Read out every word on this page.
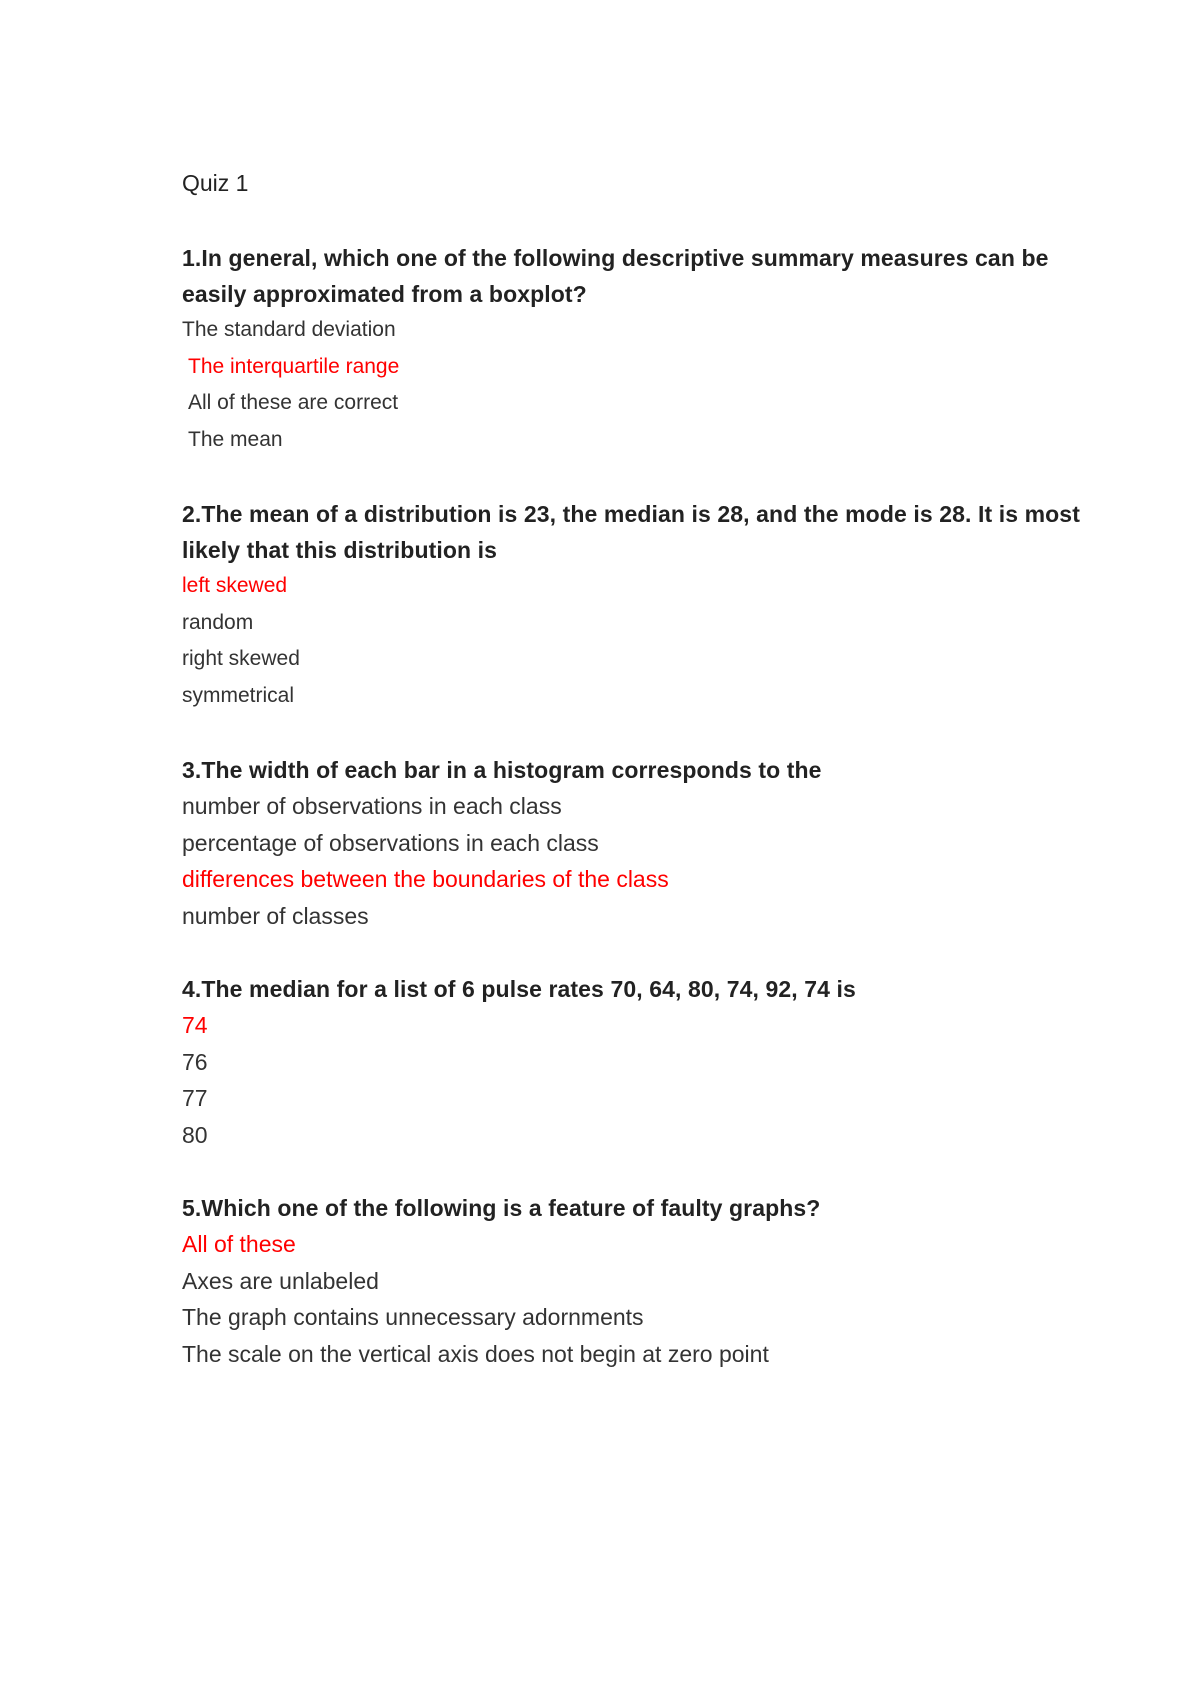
Quiz 1

1.In general, which one of the following descriptive summary measures can be easily approximated from a boxplot?

The standard deviation
The interquartile range
All of these are correct
The mean

2.The mean of a distribution is 23, the median is 28, and the mode is 28. It is most likely that this distribution is

left skewed
random
right skewed
symmetrical

3.The width of each bar in a histogram corresponds to the

number of observations in each class
percentage of observations in each class
differences between the boundaries of the class
number of classes

4.The median for a list of 6 pulse rates 70, 64, 80, 74, 92, 74 is

74
76
77
80

5.Which one of the following is a feature of faulty graphs?

All of these
Axes are unlabeled
The graph contains unnecessary adornments
The scale on the vertical axis does not begin at zero point
